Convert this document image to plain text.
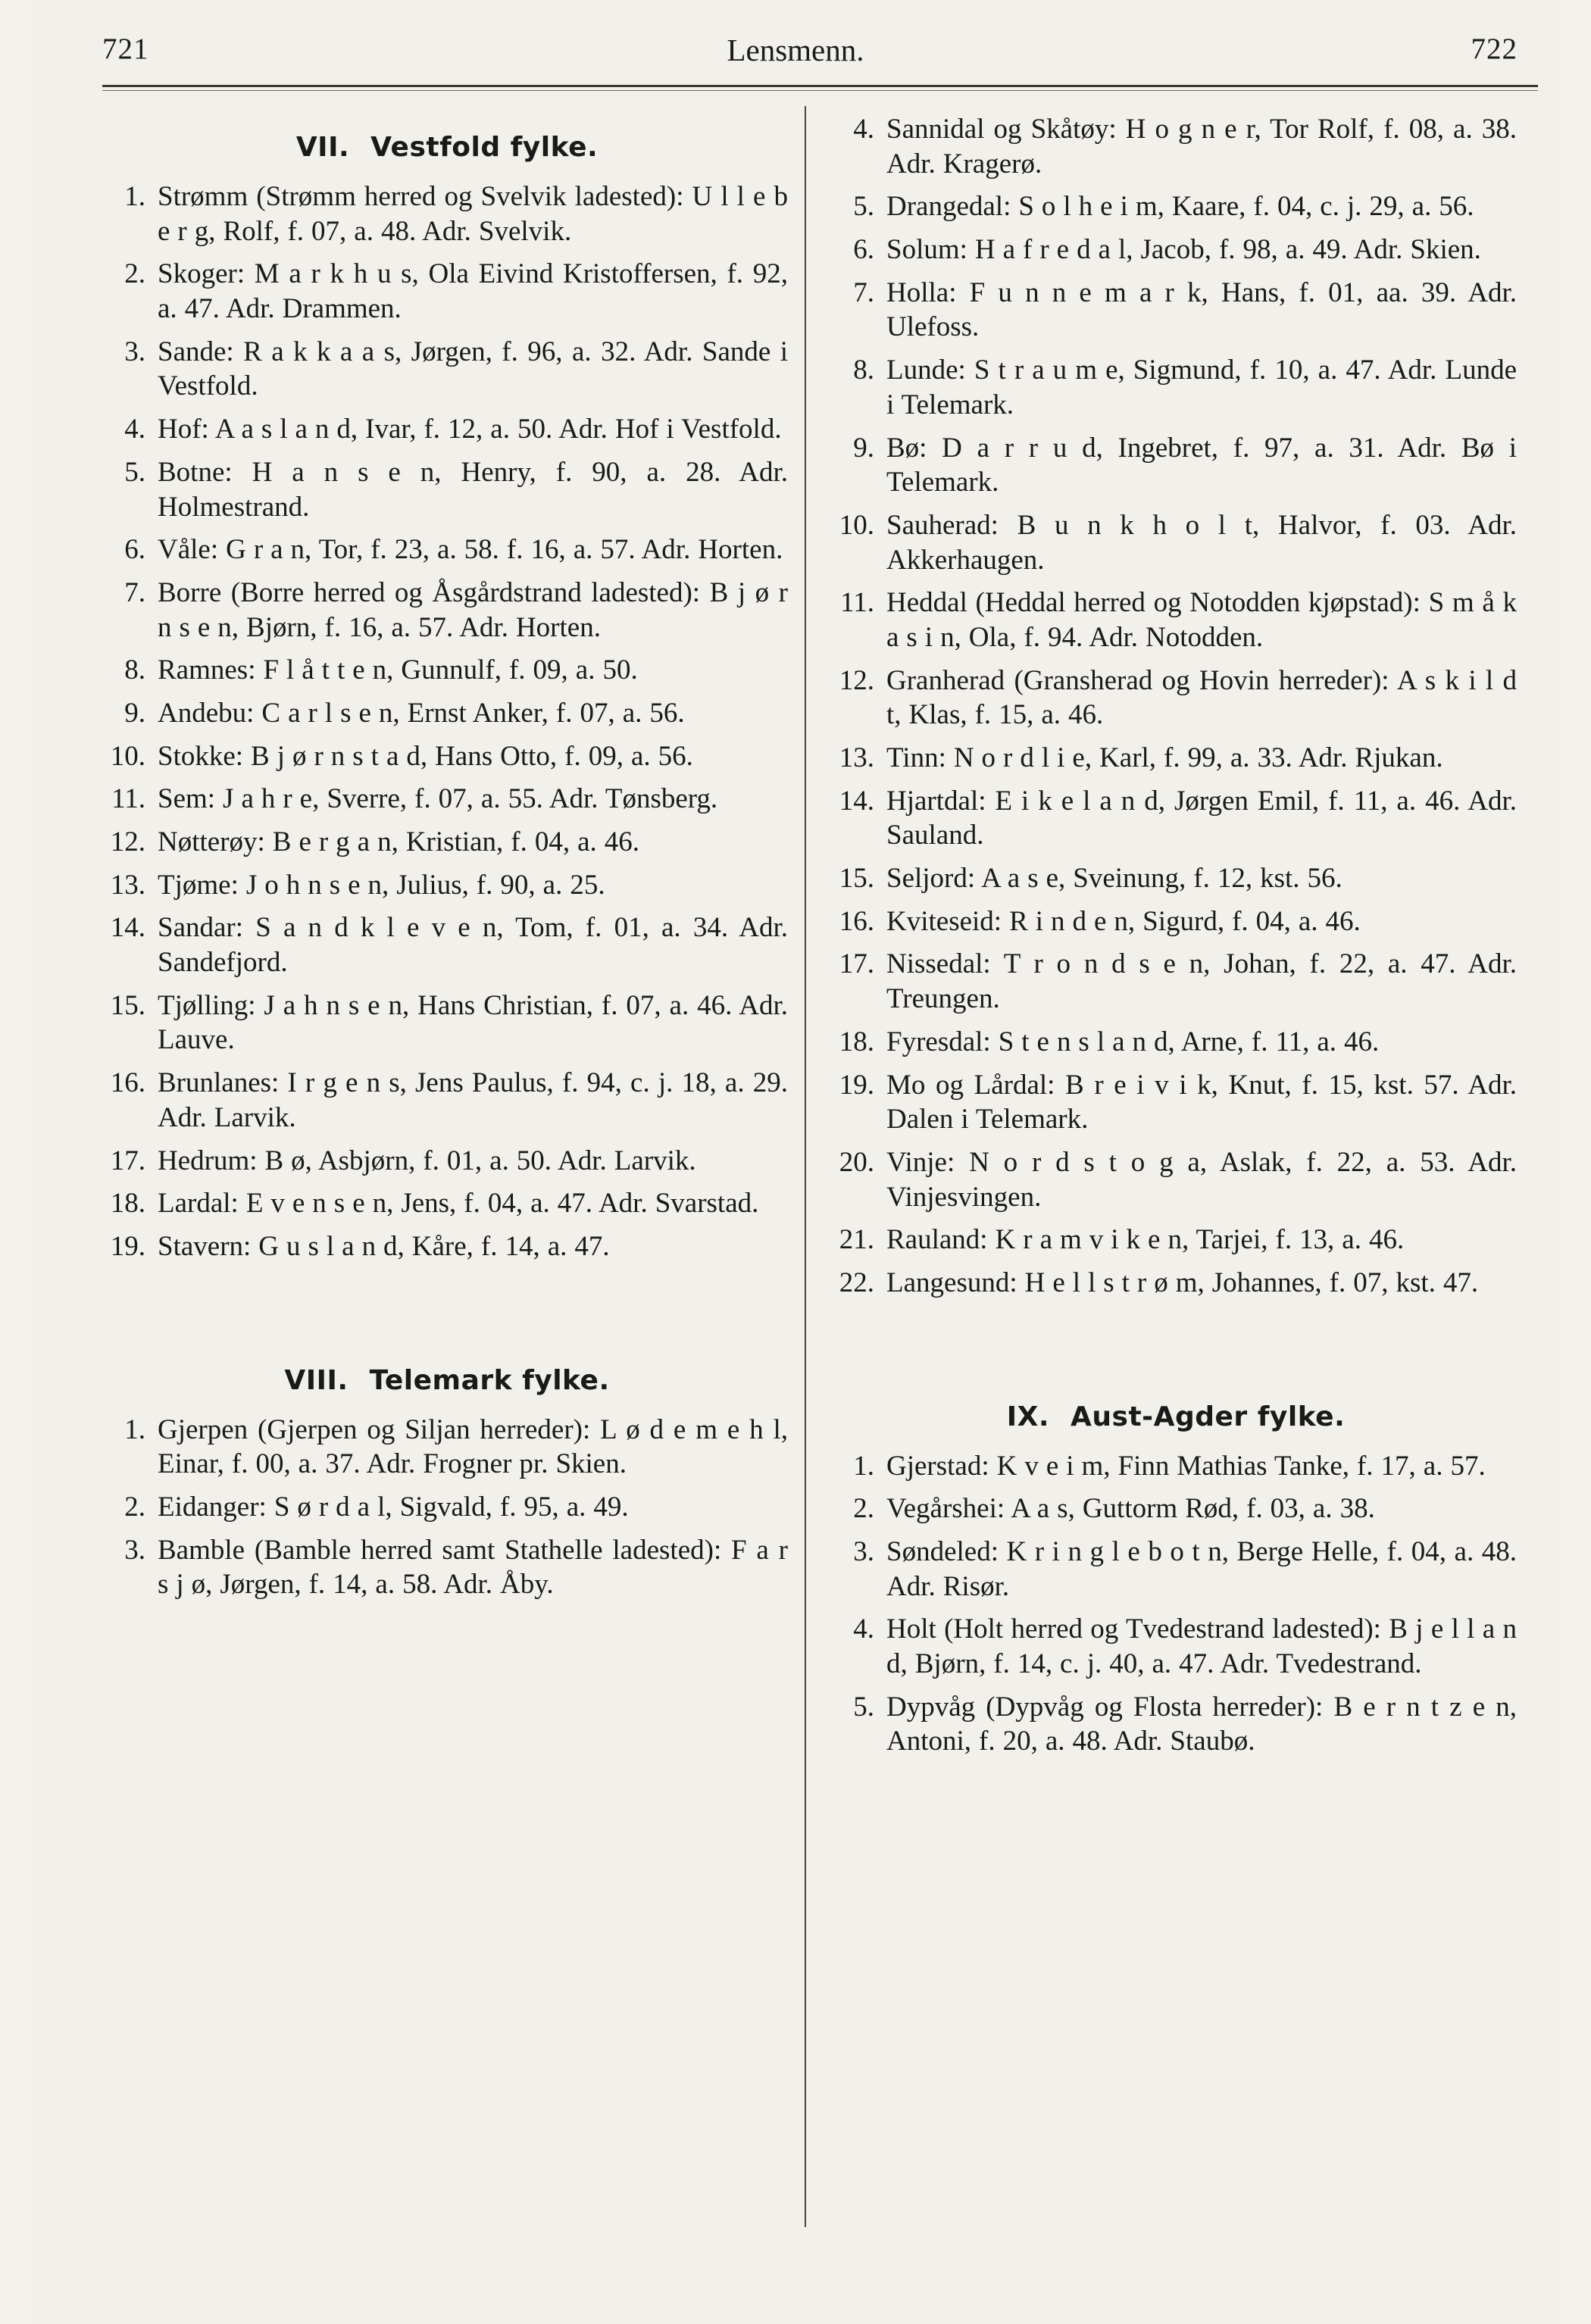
721	Lensmenn.	722
VII. Vestfold fylke.
1. Strømm (Strømm herred og Svelvik ladested): U l l e b e r g, Rolf, f. 07, a. 48. Adr. Svelvik.
2. Skoger: M a r k h u s, Ola Eivind Kristoffersen, f. 92, a. 47. Adr. Drammen.
3. Sande: R a k k a a s, Jørgen, f. 96, a. 32. Adr. Sande i Vestfold.
4. Hof: A a s l a n d, Ivar, f. 12, a. 50. Adr. Hof i Vestfold.
5. Botne: H a n s e n, Henry, f. 90, a. 28. Adr. Holmestrand.
6. Våle: G r a n, Tor, f. 23, a. 58. f. 16, a. 57. Adr. Horten.
7. Borre (Borre herred og Åsgårdstrand ladested): B j ø r n s e n, Bjørn, f. 16, a. 57. Adr. Horten.
8. Ramnes: F l å t t e n, Gunnulf, f. 09, a. 50.
9. Andebu: C a r l s e n, Ernst Anker, f. 07, a. 56.
10. Stokke: B j ø r n s t a d, Hans Otto, f. 09, a. 56.
11. Sem: J a h r e, Sverre, f. 07, a. 55. Adr. Tønsberg.
12. Nøtterøy: B e r g a n, Kristian, f. 04, a. 46.
13. Tjøme: J o h n s e n, Julius, f. 90, a. 25.
14. Sandar: S a n d k l e v e n, Tom, f. 01, a. 34. Adr. Sandefjord.
15. Tjølling: J a h n s e n, Hans Christian, f. 07, a. 46. Adr. Lauve.
16. Brunlanes: I r g e n s, Jens Paulus, f. 94, c. j. 18, a. 29. Adr. Larvik.
17. Hedrum: B ø, Asbjørn, f. 01, a. 50. Adr. Larvik.
18. Lardal: E v e n s e n, Jens, f. 04, a. 47. Adr. Svarstad.
19. Stavern: G u s l a n d, Kåre, f. 14, a. 47.
VIII. Telemark fylke.
1. Gjerpen (Gjerpen og Siljan herreder): L ø d e m e h l, Einar, f. 00, a. 37. Adr. Frogner pr. Skien.
2. Eidanger: S ø r d a l, Sigvald, f. 95, a. 49.
3. Bamble (Bamble herred samt Stathelle ladested): F a r s j ø, Jørgen, f. 14, a. 58. Adr. Åby.
4. Sannidal og Skåtøy: H o g n e r, Tor Rolf, f. 08, a. 38. Adr. Kragerø.
5. Drangedal: S o l h e i m, Kaare, f. 04, c. j. 29, a. 56.
6. Solum: H a f r e d a l, Jacob, f. 98, a. 49. Adr. Skien.
7. Holla: F u n n e m a r k, Hans, f. 01, aa. 39. Adr. Ulefoss.
8. Lunde: S t r a u m e, Sigmund, f. 10, a. 47. Adr. Lunde i Telemark.
9. Bø: D a r r u d, Ingebret, f. 97, a. 31. Adr. Bø i Telemark.
10. Sauherad: B u n k h o l t, Halvor, f. 03. Adr. Akkerhaugen.
11. Heddal (Heddal herred og Notodden kjøpstad): S m å k a s i n, Ola, f. 94. Adr. Notodden.
12. Granherad (Gransherad og Hovin herreder): A s k i l d t, Klas, f. 15, a. 46.
13. Tinn: N o r d l i e, Karl, f. 99, a. 33. Adr. Rjukan.
14. Hjartdal: E i k e l a n d, Jørgen Emil, f. 11, a. 46. Adr. Sauland.
15. Seljord: A a s e, Sveinung, f. 12, kst. 56.
16. Kviteseid: R i n d e n, Sigurd, f. 04, a. 46.
17. Nissedal: T r o n d s e n, Johan, f. 22, a. 47. Adr. Treungen.
18. Fyresdal: S t e n s l a n d, Arne, f. 11, a. 46.
19. Mo og Lårdal: B r e i v i k, Knut, f. 15, kst. 57. Adr. Dalen i Telemark.
20. Vinje: N o r d s t o g a, Aslak, f. 22, a. 53. Adr. Vinjesvingen.
21. Rauland: K r a m v i k e n, Tarjei, f. 13, a. 46.
22. Langesund: H e l l s t r ø m, Johannes, f. 07, kst. 47.
IX. Aust-Agder fylke.
1. Gjerstad: K v e i m, Finn Mathias Tanke, f. 17, a. 57.
2. Vegårshei: A a s, Guttorm Rød, f. 03, a. 38.
3. Søndeled: K r i n g l e b o t n, Berge Helle, f. 04, a. 48. Adr. Risør.
4. Holt (Holt herred og Tvedestrand ladested): B j e l l a n d, Bjørn, f. 14, c. j. 40, a. 47. Adr. Tvedestrand.
5. Dypvåg (Dypvåg og Flosta herreder): B e r n t z e n, Antoni, f. 20, a. 48. Adr. Staubø.
